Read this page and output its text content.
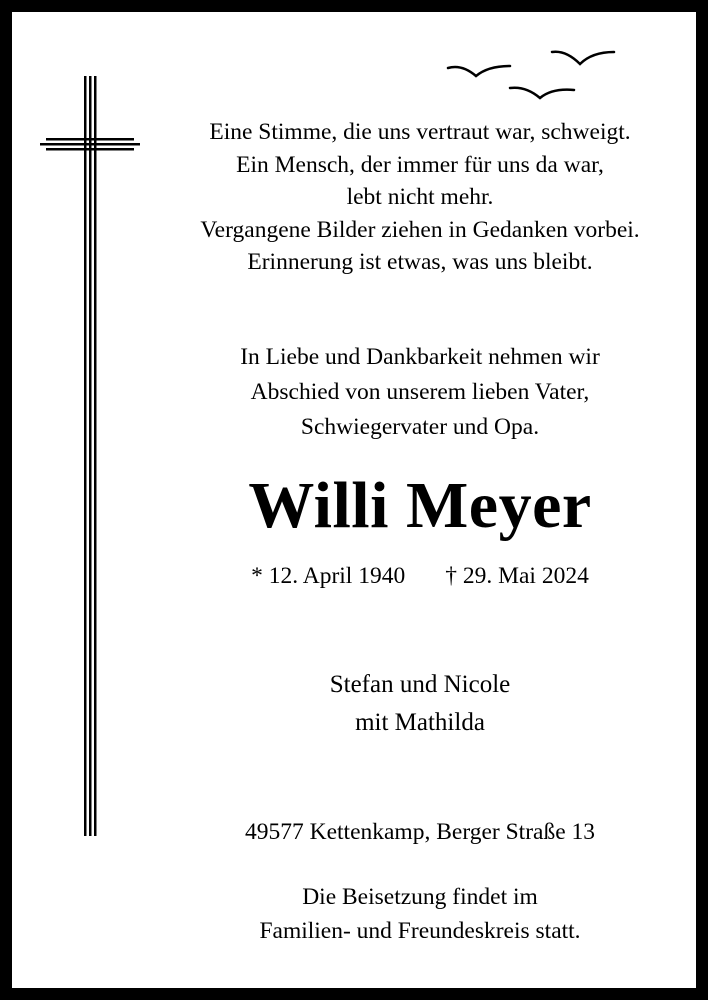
Eine Stimme, die uns vertraut war, schweigt.
Ein Mensch, der immer für uns da war,
lebt nicht mehr.
Vergangene Bilder ziehen in Gedanken vorbei.
Erinnerung ist etwas, was uns bleibt.
In Liebe und Dankbarkeit nehmen wir
Abschied von unserem lieben Vater,
Schwiegervater und Opa.
Willi Meyer
* 12. April 1940 † 29. Mai 2024
Stefan und Nicole
mit Mathilda
49577 Kettenkamp, Berger Straße 13
Die Beisetzung findet im
Familien- und Freundeskreis statt.
